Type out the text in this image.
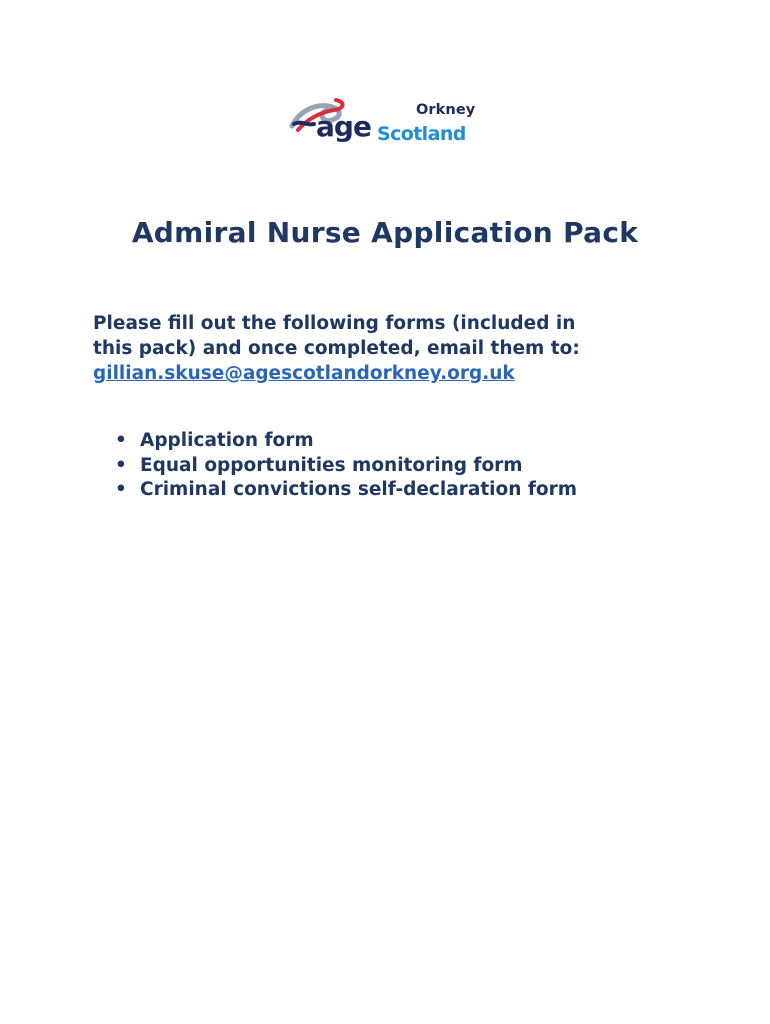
Orkney
age Scotland
Admiral Nurse Application Pack

Please fill out the following forms (included in
this pack) and once completed, email them to:
gillian.skuse@agescotlandorkney.org.uk

• Application form
• Equal opportunities monitoring form
• Criminal convictions self-declaration form
